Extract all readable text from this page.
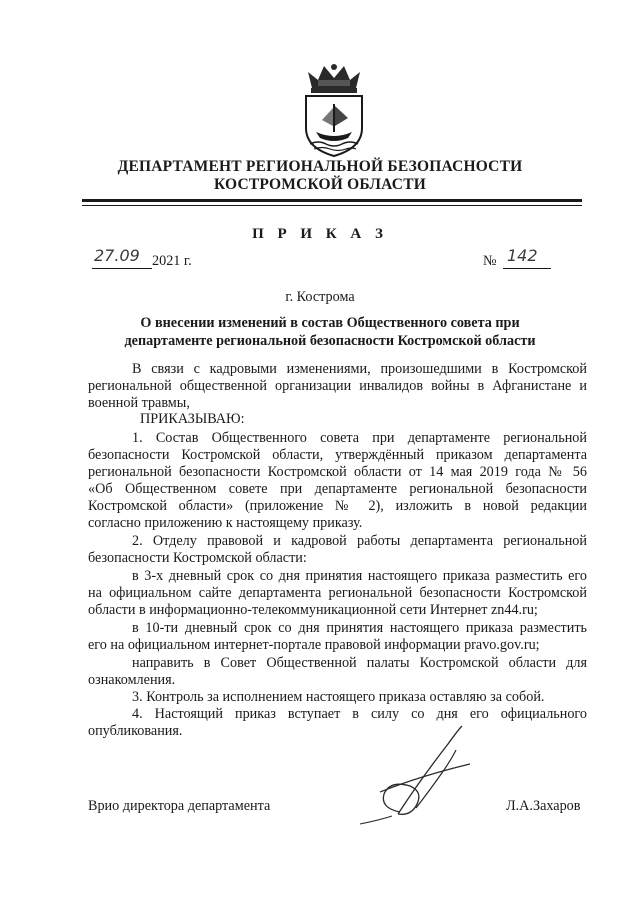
ДЕПАРТАМЕНТ РЕГИОНАЛЬНОЙ БЕЗОПАСНОСТИ
КОСТРОМСКОЙ ОБЛАСТИ
П Р И К А З
27.09 2021 г.	№ 142
г. Кострома
О внесении изменений в состав Общественного совета при
департаменте региональной безопасности Костромской области
В связи с кадровыми изменениями, произошедшими в Костромской
региональной общественной организации инвалидов войны в Афганистане и
военной травмы,
ПРИКАЗЫВАЮ:
1. Состав Общественного совета при департаменте региональной
безопасности Костромской области, утверждённый приказом департамента
региональной безопасности Костромской области от 14 мая 2019 года № 56
«Об Общественном совете при департаменте региональной безопасности
Костромской области» (приложение № 2), изложить в новой редакции
согласно приложению к настоящему приказу.
2. Отделу правовой и кадровой работы департамента региональной
безопасности Костромской области:
в 3-х дневный срок со дня принятия настоящего приказа разместить его
на официальном сайте департамента региональной безопасности Костромской
области в информационно-телекоммуникационной сети Интернет zn44.ru;
в 10-ти дневный срок со дня принятия настоящего приказа разместить
его на официальном интернет-портале правовой информации pravo.gov.ru;
направить в Совет Общественной палаты Костромской области для
ознакомления.
3. Контроль за исполнением настоящего приказа оставляю за собой.
4. Настоящий приказ вступает в силу со дня его официального
опубликования.
Врио директора департамента	Л.А.Захаров
